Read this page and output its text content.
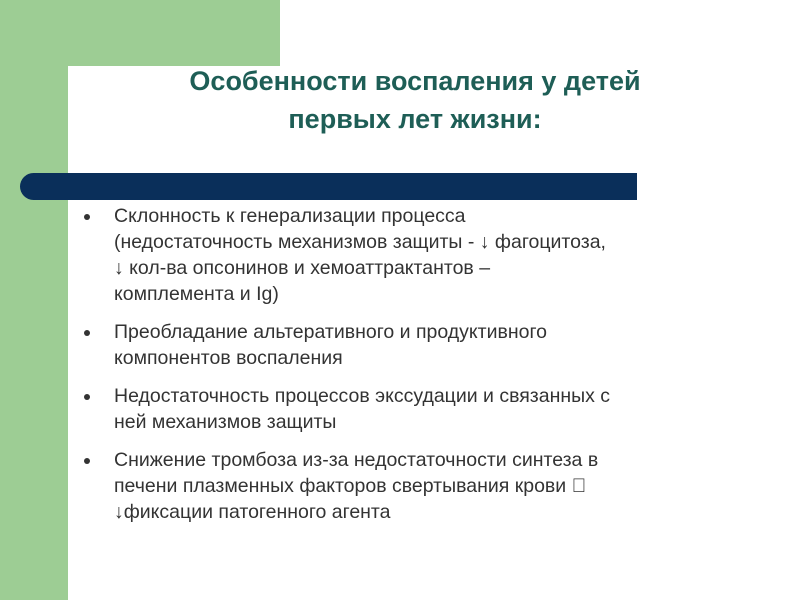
Особенности воспаления у детей
первых лет жизни:
Склонность к генерализации процесса
(недостаточность механизмов защиты - ↓ фагоцитоза,
↓ кол-ва опсонинов и хемоаттрактантов –
комплемента и Ig)
Преобладание альтеративного и продуктивного
компонентов воспаления
Недостаточность процессов экссудации и связанных с
ней механизмов защиты
Снижение тромбоза из-за недостаточности синтеза в
печени плазменных факторов свертывания крови
↓фиксации патогенного агента
